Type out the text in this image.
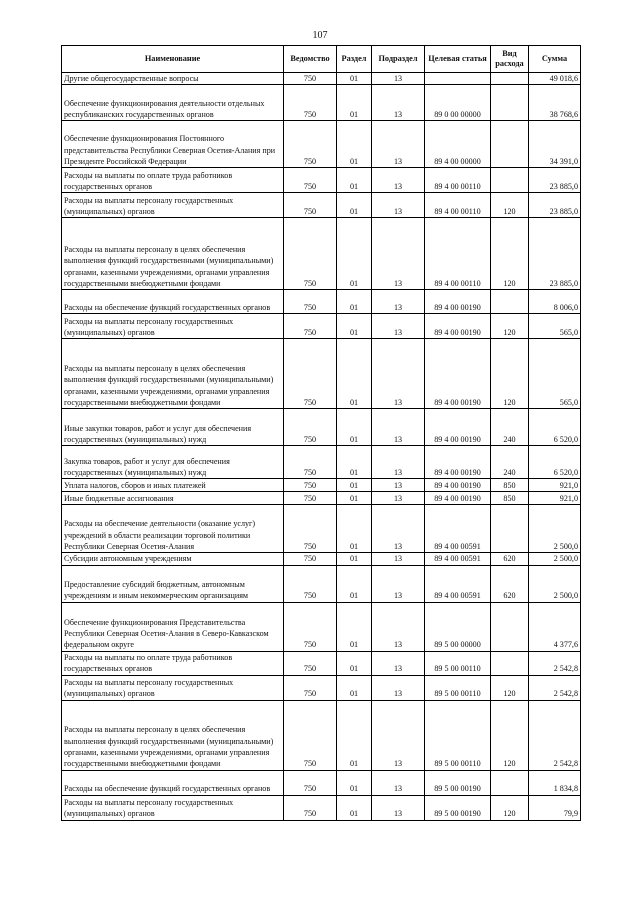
107
Наименование	Ведомство	Раздел	Подраздел	Целевая статья	Вид расхода	Сумма
Другие общегосударственные вопросы	750	01	13			49 018,6
Обеспечение функционирования деятельности отдельных республиканских государственных органов	750	01	13	89 0 00 00000		38 768,6
Обеспечение функционирования Постоянного представительства Республики Северная Осетия-Алания при Президенте Российской Федерации	750	01	13	89 4 00 00000		34 391,0
Расходы на выплаты по оплате труда работников государственных органов	750	01	13	89 4 00 00110		23 885,0
Расходы на выплаты персоналу государственных (муниципальных) органов	750	01	13	89 4 00 00110	120	23 885,0
Расходы на выплаты персоналу в целях обеспечения выполнения функций государственными (муниципальными) органами, казенными учреждениями, органами управления государственными внебюджетными фондами	750	01	13	89 4 00 00110	120	23 885,0
Расходы на обеспечение функций государственных органов	750	01	13	89 4 00 00190		8 006,0
Расходы на выплаты персоналу государственных (муниципальных) органов	750	01	13	89 4 00 00190	120	565,0
Расходы на выплаты персоналу в целях обеспечения выполнения функций государственными (муниципальными) органами, казенными учреждениями, органами управления государственными внебюджетными фондами	750	01	13	89 4 00 00190	120	565,0
Иные закупки товаров, работ и услуг для обеспечения государственных (муниципальных) нужд	750	01	13	89 4 00 00190	240	6 520,0
Закупка товаров, работ и услуг для обеспечения государственных (муниципальных) нужд	750	01	13	89 4 00 00190	240	6 520,0
Уплата налогов, сборов и иных платежей	750	01	13	89 4 00 00190	850	921,0
Иные бюджетные ассигнования	750	01	13	89 4 00 00190	850	921,0
Расходы на обеспечение деятельности (оказание услуг) учреждений в области реализации торговой политики Республики Северная Осетия-Алания	750	01	13	89 4 00 00591		2 500,0
Субсидии автономным учреждениям	750	01	13	89 4 00 00591	620	2 500,0
Предоставление субсидий бюджетным, автономным учреждениям и иным некоммерческим организациям	750	01	13	89 4 00 00591	620	2 500,0
Обеспечение функционирования Представительства Республики Северная Осетия-Алания в Северо-Кавказском федеральном округе	750	01	13	89 5 00 00000		4 377,6
Расходы на выплаты по оплате труда работников государственных органов	750	01	13	89 5 00 00110		2 542,8
Расходы на выплаты персоналу государственных (муниципальных) органов	750	01	13	89 5 00 00110	120	2 542,8
Расходы на выплаты персоналу в целях обеспечения выполнения функций государственными (муниципальными) органами, казенными учреждениями, органами управления государственными внебюджетными фондами	750	01	13	89 5 00 00110	120	2 542,8
Расходы на обеспечение функций государственных органов	750	01	13	89 5 00 00190		1 834,8
Расходы на выплаты персоналу государственных (муниципальных) органов	750	01	13	89 5 00 00190	120	79,9
